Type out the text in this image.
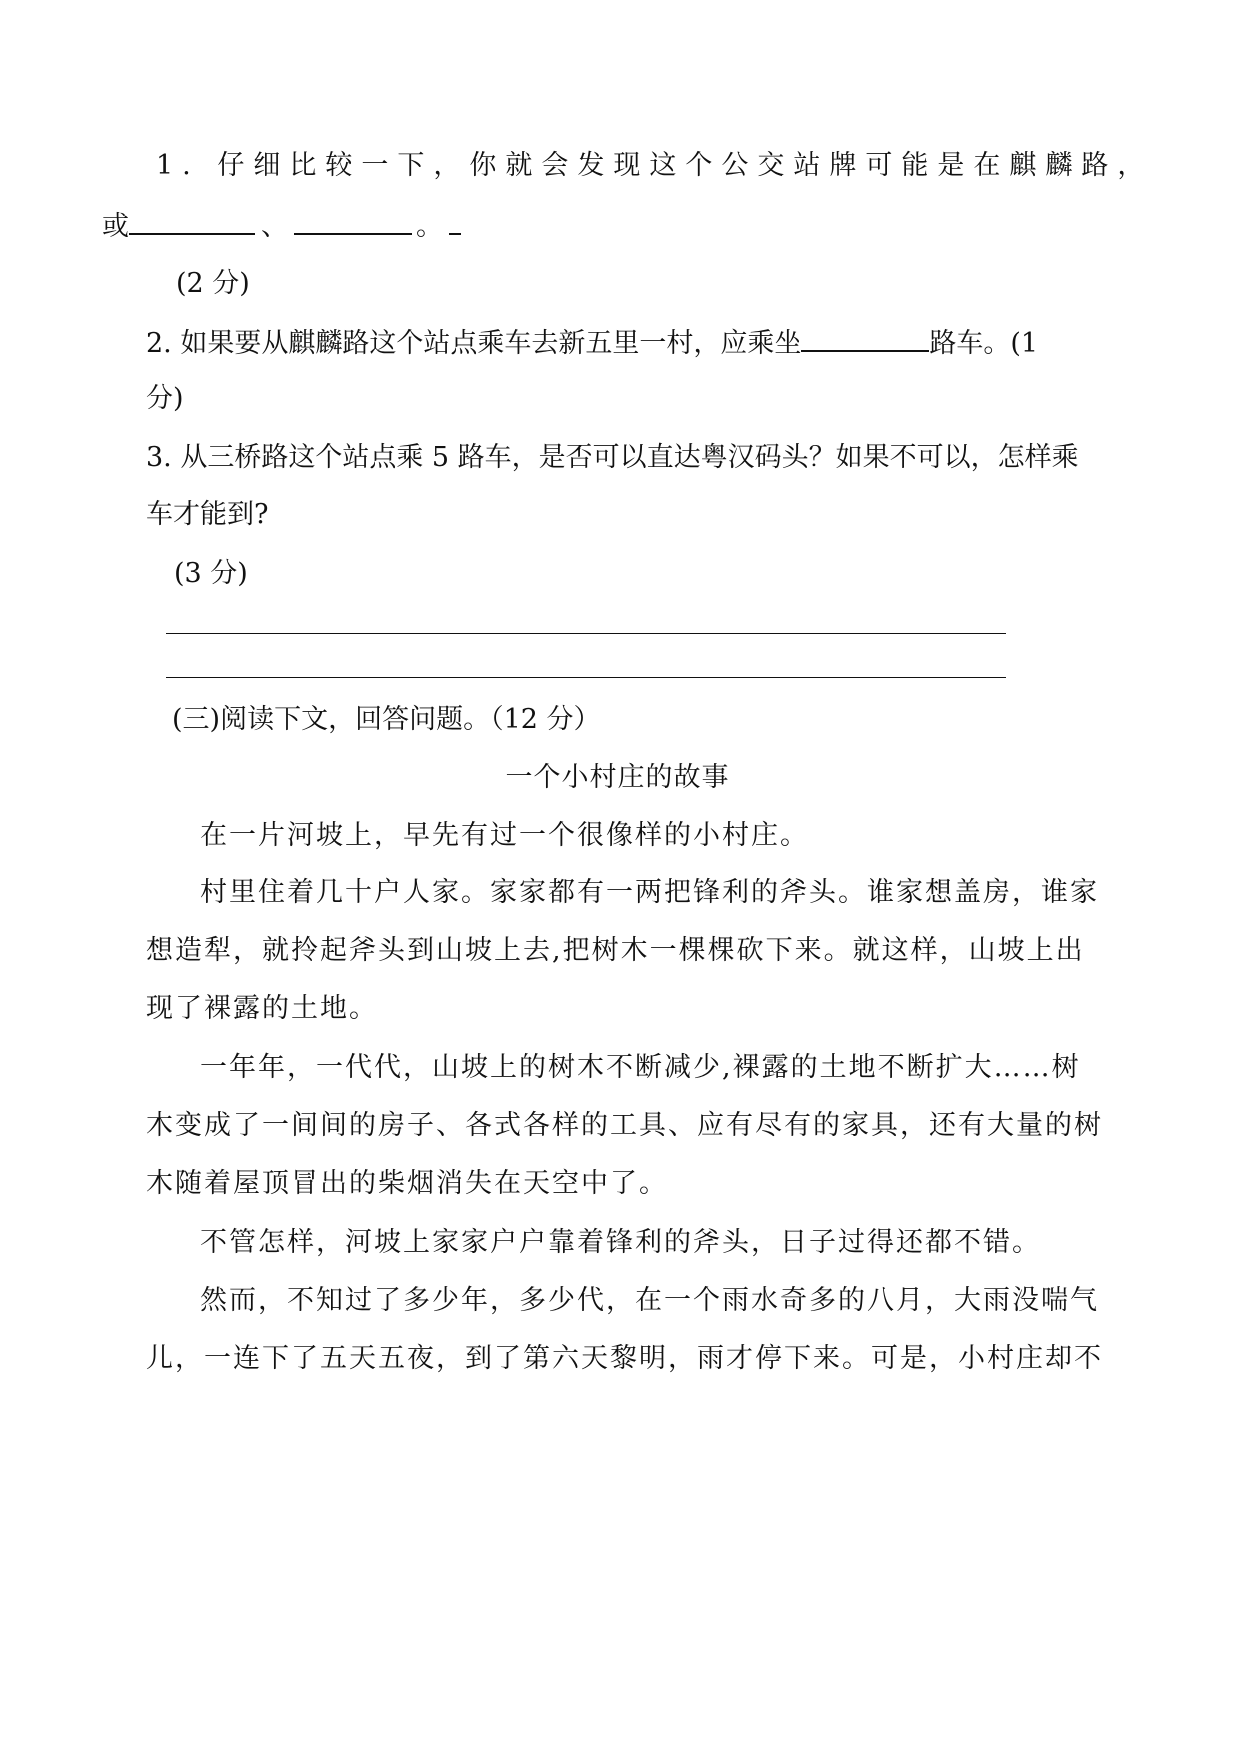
1. 仔细比较一下，你就会发现这个公交站牌可能是在麒麟路，
或	、	。
(2 分)
2. 如果要从麒麟路这个站点乘车去新五里一村，应乘坐	路车。(1
分)
3. 从三桥路这个站点乘 5 路车，是否可以直达粤汉码头？如果不可以，怎样乘
车才能到?
(3 分)
(三)阅读下文，回答问题。（12 分）
一个小村庄的故事
在一片河坡上，早先有过一个很像样的小村庄。
村里住着几十户人家。家家都有一两把锋利的斧头。谁家想盖房，谁家
想造犁，就拎起斧头到山坡上去,把树木一棵棵砍下来。就这样，山坡上出
现了裸露的土地。
一年年，一代代，山坡上的树木不断减少,裸露的土地不断扩大……树
木变成了一间间的房子、各式各样的工具、应有尽有的家具，还有大量的树
木随着屋顶冒出的柴烟消失在天空中了。
不管怎样，河坡上家家户户靠着锋利的斧头，日子过得还都不错。
然而，不知过了多少年，多少代，在一个雨水奇多的八月，大雨没喘气
儿，一连下了五天五夜，到了第六天黎明，雨才停下来。可是，小村庄却不
